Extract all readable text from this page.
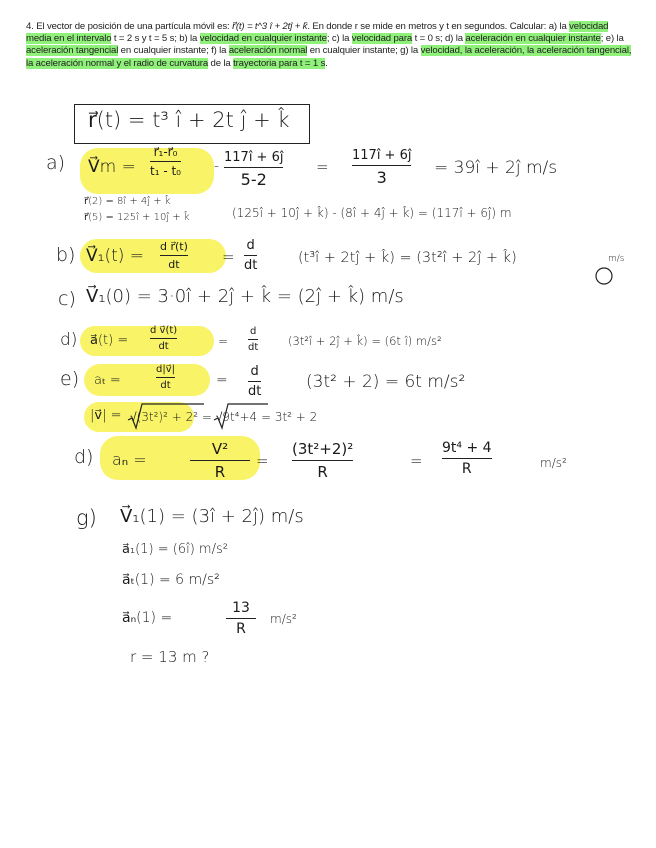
4. El vector de posición de una partícula móvil es: r⃗(t) = t^3 î + 2tĵ + k̂. En donde r se mide en metros y t en segundos. Calcular: a) la velocidad media en el intervalo t = 2 s y t = 5 s; b) la velocidad en cualquier instante; c) la velocidad para t = 0 s; d) la aceleración en cualquier instante; e) la aceleración tangencial en cualquier instante; f) la aceleración normal en cualquier instante; g) la velocidad, la aceleración, la aceleración tangencial, la aceleración normal y el radio de curvatura de la trayectoria para t = 1 s.
r⃗(t) = t³ î + 2t ĵ + k̂
a) V⃗m =
r⃗₁-r⃗₀
t₁ - t₀ -
117î + 6ĵ
5-2
=
117î + 6ĵ
3	= 39î + 2ĵ m/s
r⃗(2) = 8î + 4ĵ + k̂
r⃗(5) = 125î + 10ĵ + k̂	(125î + 10ĵ + k̂) - (8î + 4ĵ + k̂) = (117î + 6ĵ) m
b) V⃗₁(t) = d r⃗(t)
dt	=
d
dt	(t³î + 2tĵ + k̂) = (3t²î + 2ĵ + k̂)	m/s
c) V⃗₁(0) = 3·0î + 2ĵ + k̂ = (2ĵ + k̂) m/s
d) a⃗(t) =
d v⃗(t)
dt	=
d
dt	(3t²î + 2ĵ + k̂) = (6t î) m/s²
e) aₜ =
d|v⃗|
dt	=
d
dt	(3t² + 2) = 6t m/s²
|v⃗| = √(3t²)² + 2² = √9t⁴+4 = 3t² + 2
d) aₙ =
V²
R
=
(3t²+2)²
R
=
9t⁴ + 4
R	m/s²
g) V⃗₁(1) = (3î + 2ĵ) m/s
a⃗₁(1) = (6î) m/s²
a⃗ₜ(1) = 6 m/s²
a⃗ₙ(1) =
13
R
m/s²
r = 13 m ?
